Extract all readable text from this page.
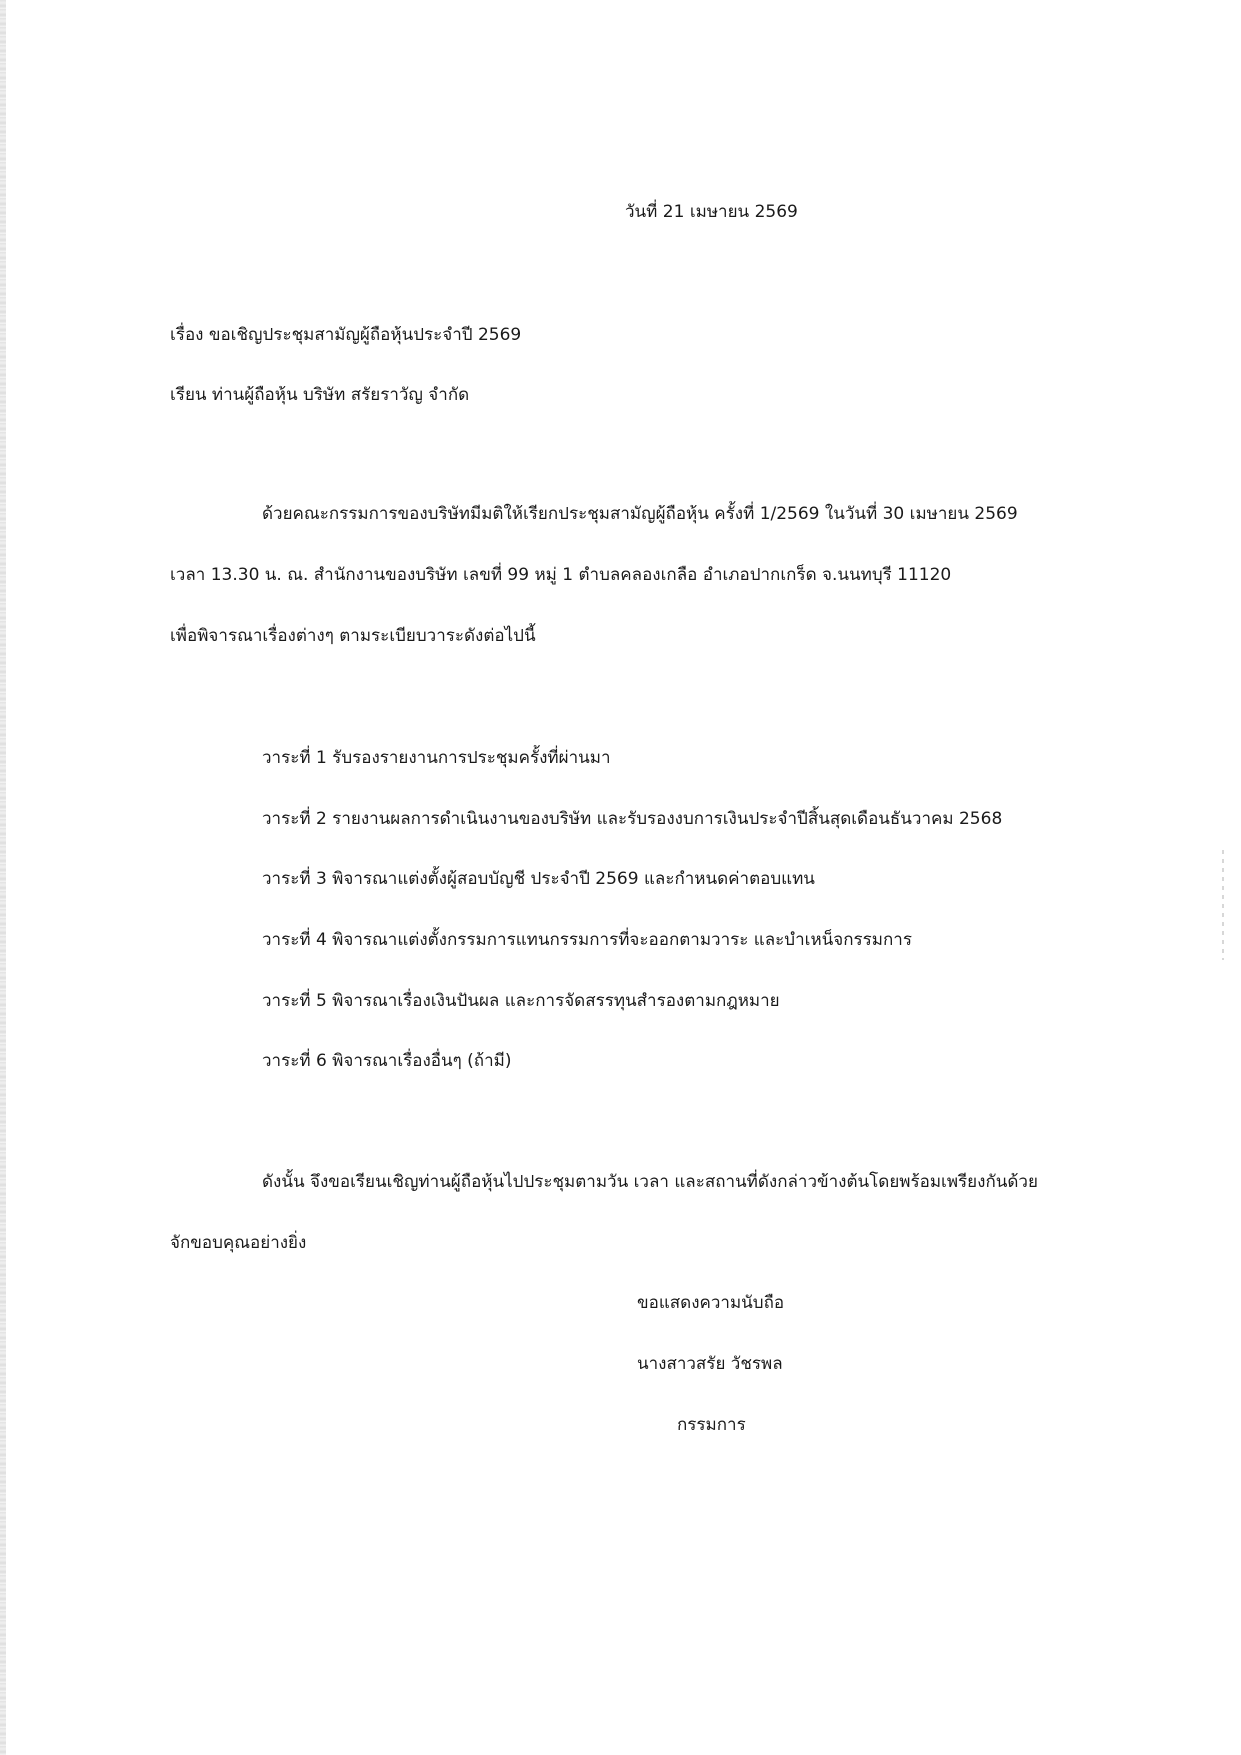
วันที่ 21 เมษายน 2569
เรื่อง ขอเชิญประชุมสามัญผู้ถือหุ้นประจำปี 2569
เรียน ท่านผู้ถือหุ้น บริษัท สรัยราวัญ จำกัด
ด้วยคณะกรรมการของบริษัทมีมติให้เรียกประชุมสามัญผู้ถือหุ้น ครั้งที่ 1/2569 ในวันที่ 30 เมษายน 2569
เวลา 13.30 น. ณ. สำนักงานของบริษัท เลขที่ 99 หมู่ 1 ตำบลคลองเกลือ อำเภอปากเกร็ด จ.นนทบุรี 11120
เพื่อพิจารณาเรื่องต่างๆ ตามระเบียบวาระดังต่อไปนี้
วาระที่ 1 รับรองรายงานการประชุมครั้งที่ผ่านมา
วาระที่ 2 รายงานผลการดำเนินงานของบริษัท และรับรองงบการเงินประจำปีสิ้นสุดเดือนธันวาคม 2568
วาระที่ 3 พิจารณาแต่งตั้งผู้สอบบัญชี ประจำปี 2569 และกำหนดค่าตอบแทน
วาระที่ 4 พิจารณาแต่งตั้งกรรมการแทนกรรมการที่จะออกตามวาระ และบำเหน็จกรรมการ
วาระที่ 5 พิจารณาเรื่องเงินปันผล และการจัดสรรทุนสำรองตามกฎหมาย
วาระที่ 6 พิจารณาเรื่องอื่นๆ (ถ้ามี)
ดังนั้น จึงขอเรียนเชิญท่านผู้ถือหุ้นไปประชุมตามวัน เวลา และสถานที่ดังกล่าวข้างต้นโดยพร้อมเพรียงกันด้วย
จักขอบคุณอย่างยิ่ง
ขอแสดงความนับถือ
นางสาวสรัย วัชรพล
กรรมการ
